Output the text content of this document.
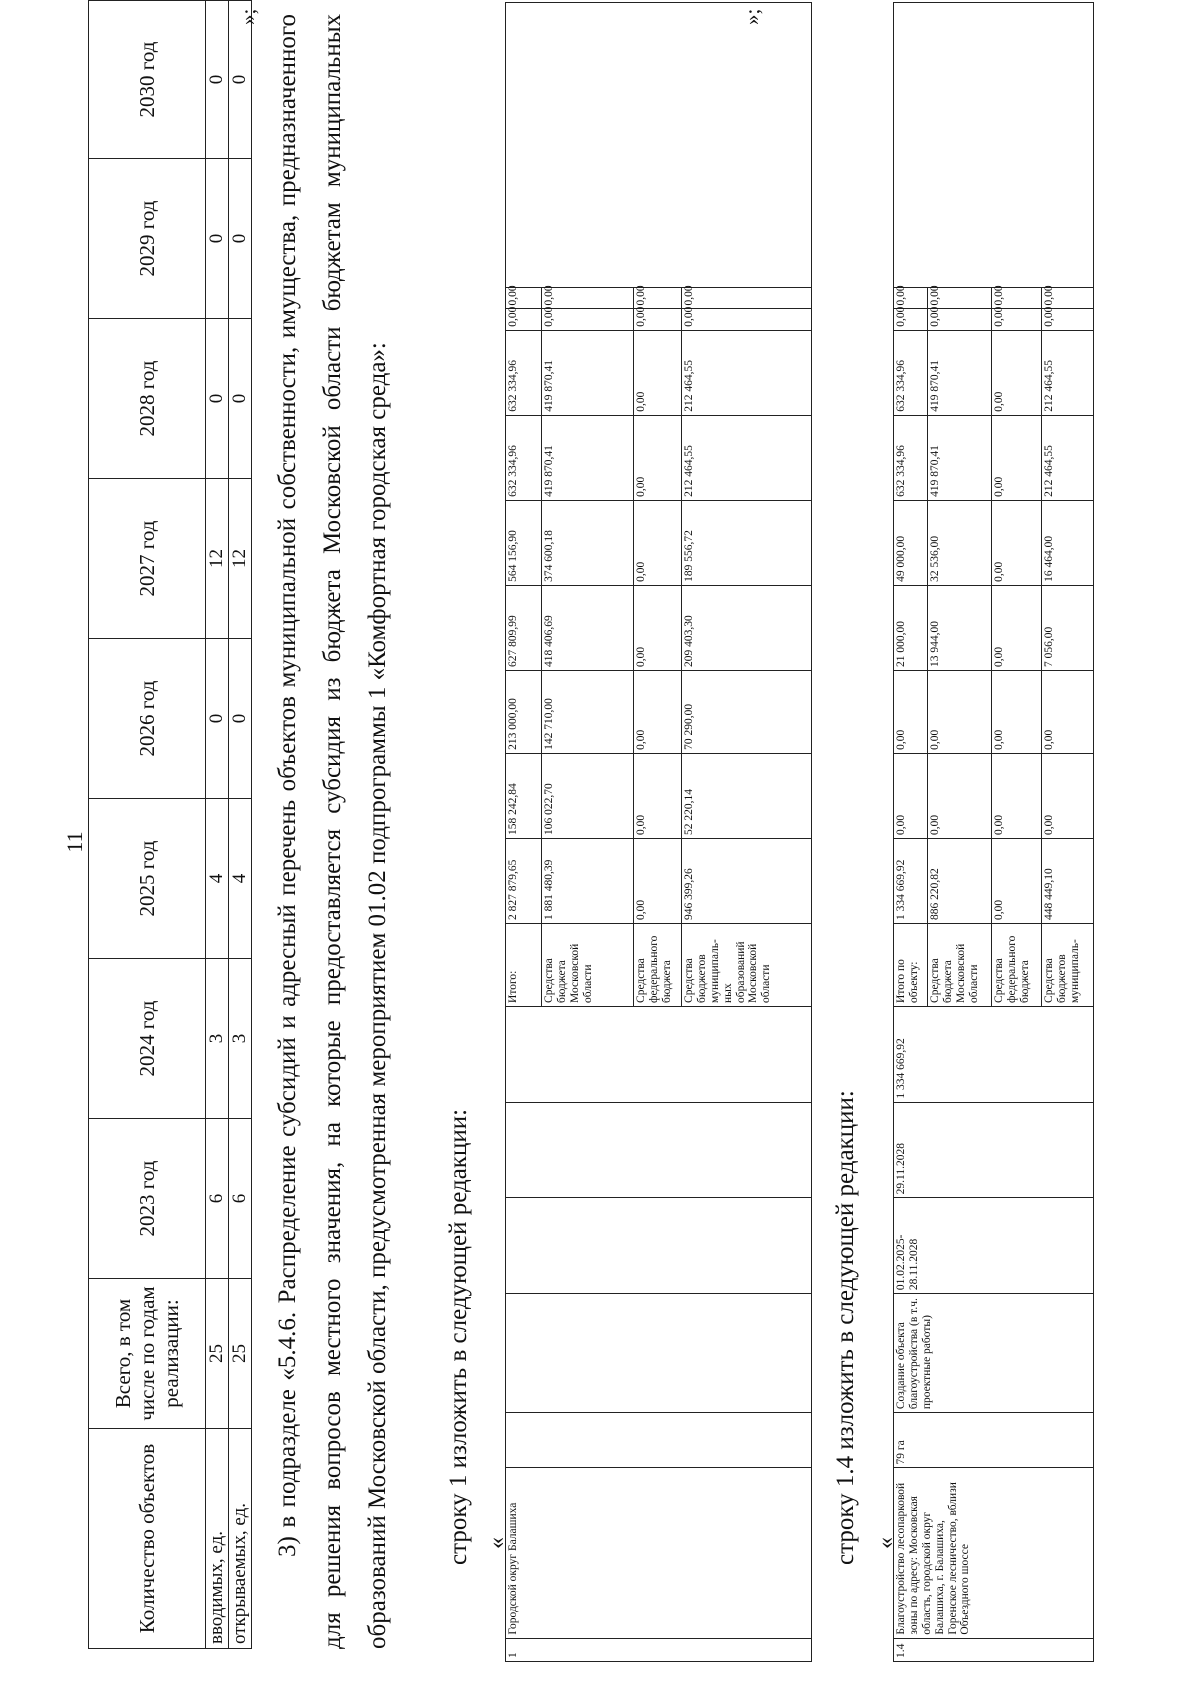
11
Количество объектов	Всего, в том числе по годам реализации:	2023 год	2024 год	2025 год	2026 год	2027 год	2028 год	2029 год	2030 год
вводимых, ед.	25	6	3	4	0	12	0	0	0
открываемых, ед.	25	6	3	4	0	12	0	0	0
»; 3) в подразделе «5.4.6. Распределение субсидий и адресный перечень объектов муниципальной собственности, имущества, предназначенного для решения вопросов местного значения, на которые предоставляется субсидия из бюджета Московской области бюджетам муниципальных образований Московской области, предусмотренная мероприятием 01.02 подпрограммы 1 «Комфортная городская среда»:	строку 1 изложить в следующей редакции: «
1	Городской округ Балашиха						Итого:	2 827 879,65	158 242,84	213 000,00	627 809,99	564 156,90	632 334,96	632 334,96	0,00	0,00	
							Средства бюджета Московской области	1 881 480,39	106 022,70	142 710,00	418 406,69	374 600,18	419 870,41	419 870,41	0,00	0,00	
							Средства федерального бюджета	0,00	0,00	0,00	0,00	0,00	0,00	0,00	0,00	0,00	
							Средства бюджетов муниципаль-ных образований Московской области	946 399,26	52 220,14	70 290,00	209 403,30	189 556,72	212 464,55	212 464,55	0,00	0,00	
»;
строку 1.4 изложить в следующей редакции: «
1.4	Благоустройство лесопарковой зоны по адресу: Московская область, городской округ Балашиха, г. Балашиха, Горенское лесничество, вблизи Объездного шоссе	79 га	Создание объекта благоустройства (в т.ч. проектные работы)	01.02.2025-28.11.2028	29.11.2028	1 334 669,92	Итого по объекту:	1 334 669,92	0,00	0,00	21 000,00	49 000,00	632 334,96	632 334,96	0,00	0,00	
							Средства бюджета Московской области	886 220,82	0,00	0,00	13 944,00	32 536,00	419 870,41	419 870,41	0,00	0,00	
							Средства федерального бюджета	0,00	0,00	0,00	0,00	0,00	0,00	0,00	0,00	0,00	
							Средства бюджетов муниципаль-	448 449,10	0,00	0,00	7 056,00	16 464,00	212 464,55	212 464,55	0,00	0,00	
